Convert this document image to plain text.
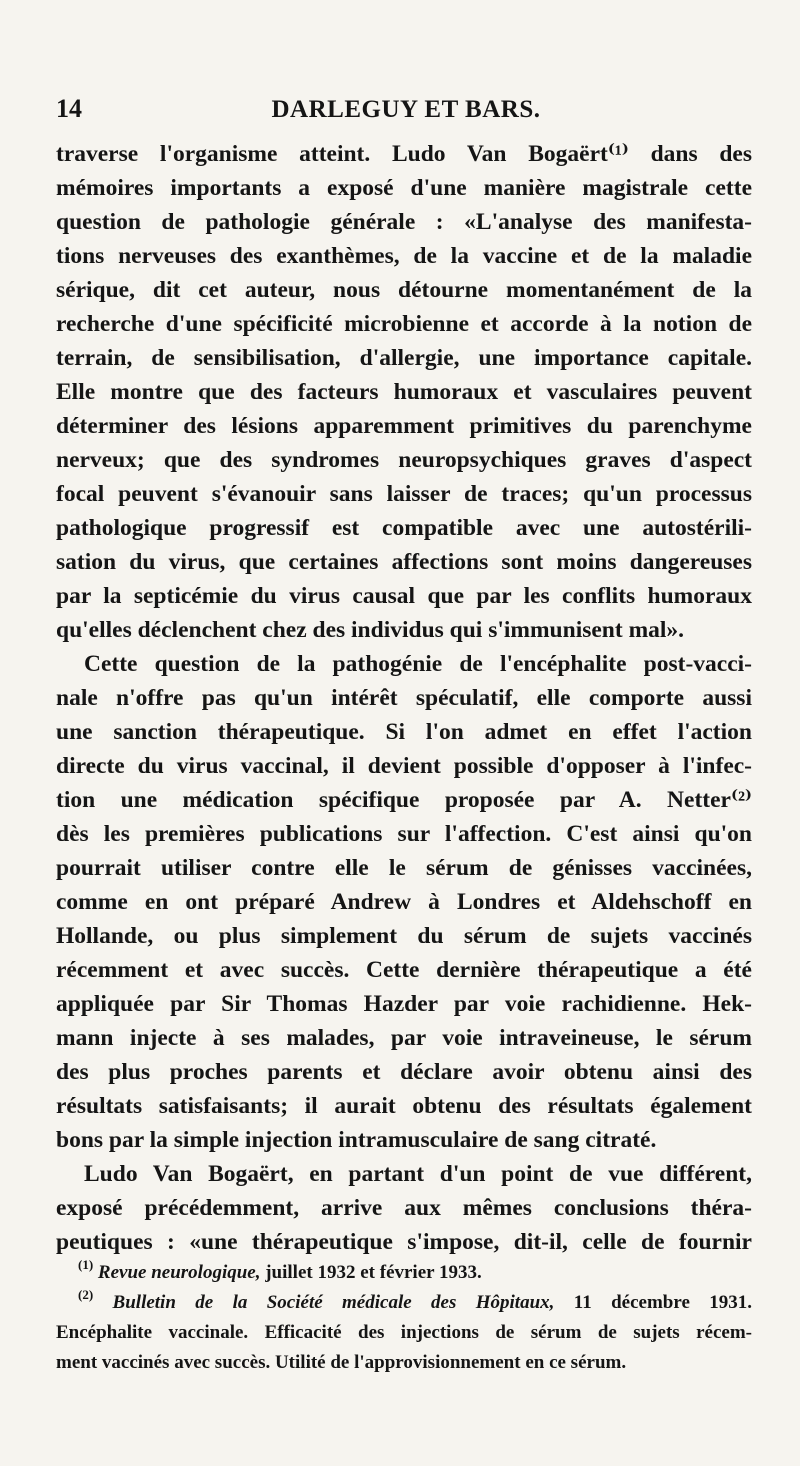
14	DARLEGUY ET BARS.
traverse l'organisme atteint. Ludo Van Bogaërt⁽¹⁾ dans des
mémoires importants a exposé d'une manière magistrale cette
question de pathologie générale : «L'analyse des manifesta-
tions nerveuses des exanthèmes, de la vaccine et de la maladie
sérique, dit cet auteur, nous détourne momentanément de la
recherche d'une spécificité microbienne et accorde à la notion de
terrain, de sensibilisation, d'allergie, une importance capitale.
Elle montre que des facteurs humoraux et vasculaires peuvent
déterminer des lésions apparemment primitives du parenchyme
nerveux; que des syndromes neuropsychiques graves d'aspect
focal peuvent s'évanouir sans laisser de traces; qu'un processus
pathologique progressif est compatible avec une autostérili-
sation du virus, que certaines affections sont moins dangereuses
par la septicémie du virus causal que par les conflits humoraux
qu'elles déclenchent chez des individus qui s'immunisent mal».
Cette question de la pathogénie de l'encéphalite post-vacci-
nale n'offre pas qu'un intérêt spéculatif, elle comporte aussi
une sanction thérapeutique. Si l'on admet en effet l'action
directe du virus vaccinal, il devient possible d'opposer à l'infec-
tion une médication spécifique proposée par A. Netter⁽²⁾
dès les premières publications sur l'affection. C'est ainsi qu'on
pourrait utiliser contre elle le sérum de génisses vaccinées,
comme en ont préparé Andrew à Londres et Aldehschoff en
Hollande, ou plus simplement du sérum de sujets vaccinés
récemment et avec succès. Cette dernière thérapeutique a été
appliquée par Sir Thomas Hazder par voie rachidienne. Hek-
mann injecte à ses malades, par voie intraveineuse, le sérum
des plus proches parents et déclare avoir obtenu ainsi des
résultats satisfaisants; il aurait obtenu des résultats également
bons par la simple injection intramusculaire de sang citraté.
Ludo Van Bogaërt, en partant d'un point de vue différent,
exposé précédemment, arrive aux mêmes conclusions théra-
peutiques : «une thérapeutique s'impose, dit-il, celle de fournir
$^{(1)}$ Revue neurologique, juillet 1932 et février 1933.
$^{(2)}$ Bulletin de la Société médicale des Hôpitaux, 11 décembre 1931.
Encéphalite vaccinale. Efficacité des injections de sérum de sujets récem-
ment vaccinés avec succès. Utilité de l'approvisionnement en ce sérum.
